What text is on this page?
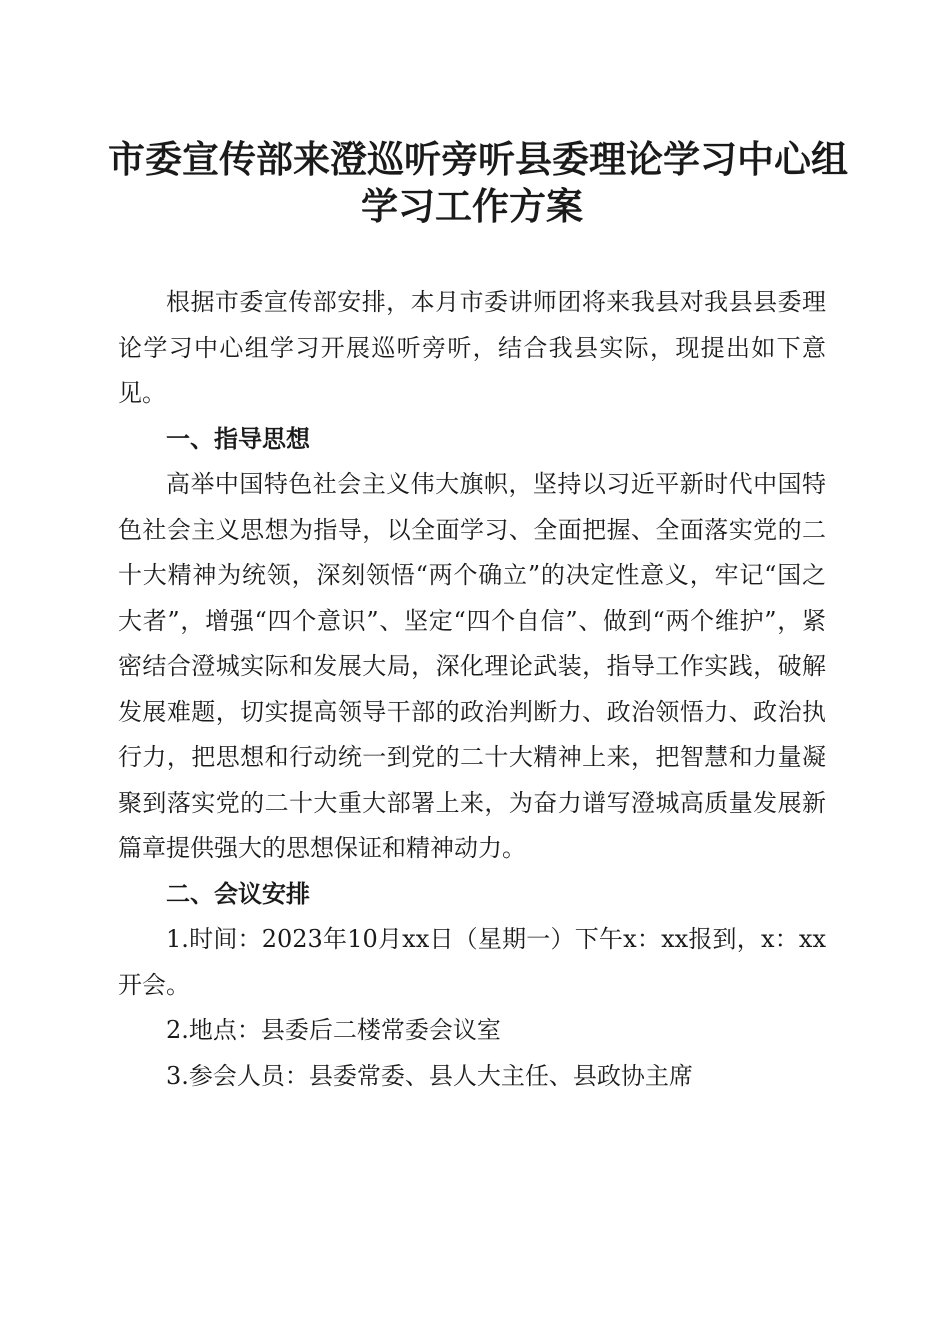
市委宣传部来澄巡听旁听县委理论学习中心组
学习工作方案

根据市委宣传部安排，本月市委讲师团将来我县对我县县委理论学习中心组学习开展巡听旁听，结合我县实际，现提出如下意见。

一、指导思想

高举中国特色社会主义伟大旗帜，坚持以习近平新时代中国特色社会主义思想为指导，以全面学习、全面把握、全面落实党的二十大精神为统领，深刻领悟“两个确立”的决定性意义，牢记“国之大者”，增强“四个意识”、坚定“四个自信”、做到“两个维护”，紧密结合澄城实际和发展大局，深化理论武装，指导工作实践，破解发展难题，切实提高领导干部的政治判断力、政治领悟力、政治执行力，把思想和行动统一到党的二十大精神上来，把智慧和力量凝聚到落实党的二十大重大部署上来，为奋力谱写澄城高质量发展新篇章提供强大的思想保证和精神动力。

二、会议安排

1.时间：2023年10月xx日（星期一）下午x：xx报到，x：xx开会。

2.地点：县委后二楼常委会议室

3.参会人员：县委常委、县人大主任、县政协主席
